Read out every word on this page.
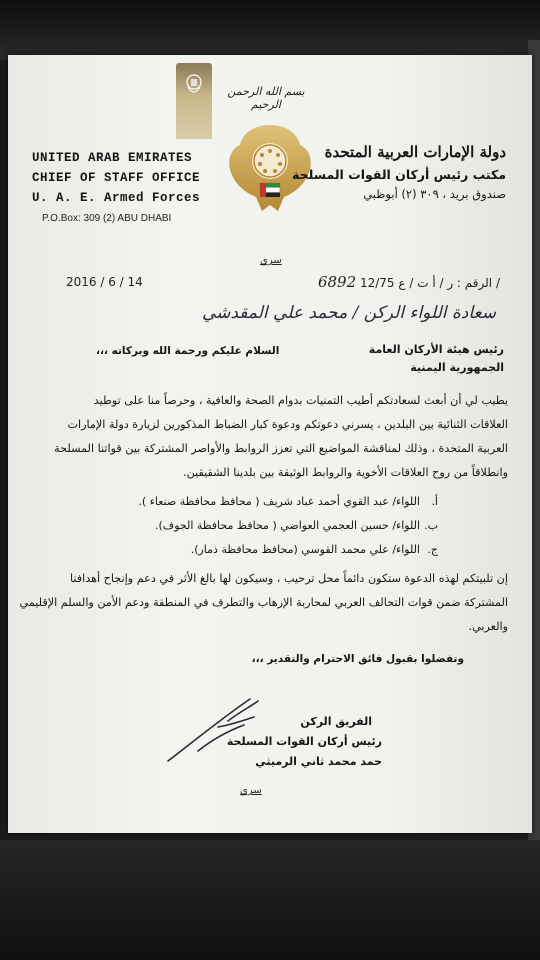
بسم الله الرحمن الرحيم
UNITED ARAB EMIRATES
CHIEF OF STAFF OFFICE
U. A. E. Armed Forces
P.O.Box: 309 (2) ABU DHABI
دولة الإمارات العربية المتحدة
مكتب رئيس أركان القوات المسلحة
صندوق بريد ، ٣٠٩ (٢) أبوظبي
سري
2016 / 6 / 14	6892 الرقم : ر / أ ت / ع 12/75 /
سعادة اللواء الركن / محمد علي المقدشي
السلام عليكم ورحمة الله وبركاته ،،،	رئيس هيئة الأركان العامة
الجمهورية اليمنية
يطيب لي أن أبعث لسعادتكم أطيب التمنيات بدوام الصحة والعافية ، وحرصاً منا على توطيد
العلاقات الثنائية بين البلدين ، يسرني دعوتكم ودعوة كبار الضباط المذكورين لزيارة دولة الإمارات
العربية المتحدة ، وذلك لمناقشة المواضيع التي تعزز الروابط والأواصر المشتركة بين قواتنا المسلحة
وانطلاقاً من روح العلاقات الأخوية والروابط الوثيقة بين بلدينا الشقيقين.
أ.
اللواء/ عبد القوي أحمد عباد شريف ( محافظ محافظة صنعاء ).
ب.
اللواء/ حسين العجمي العواضي ( محافظ محافظة الجوف).
ج.
اللواء/ علي محمد القوسي (محافظ محافظة ذمار).
إن تلبيتكم لهذه الدعوة ستكون دائماً محل ترحيب ، وسيكون لها بالغ الأثر في دعم وإنجاح أهدافنا
المشتركة ضمن قوات التحالف العربي لمحاربة الإرهاب والتطرف في المنطقة ودعم الأمن والسلم الإقليمي
والعربي.
وتفضلوا بقبول فائق الاحترام والتقدير ،،،
الفريق الركن
رئيس أركان القوات المسلحة
حمد محمد ثاني الرميثي
سري
